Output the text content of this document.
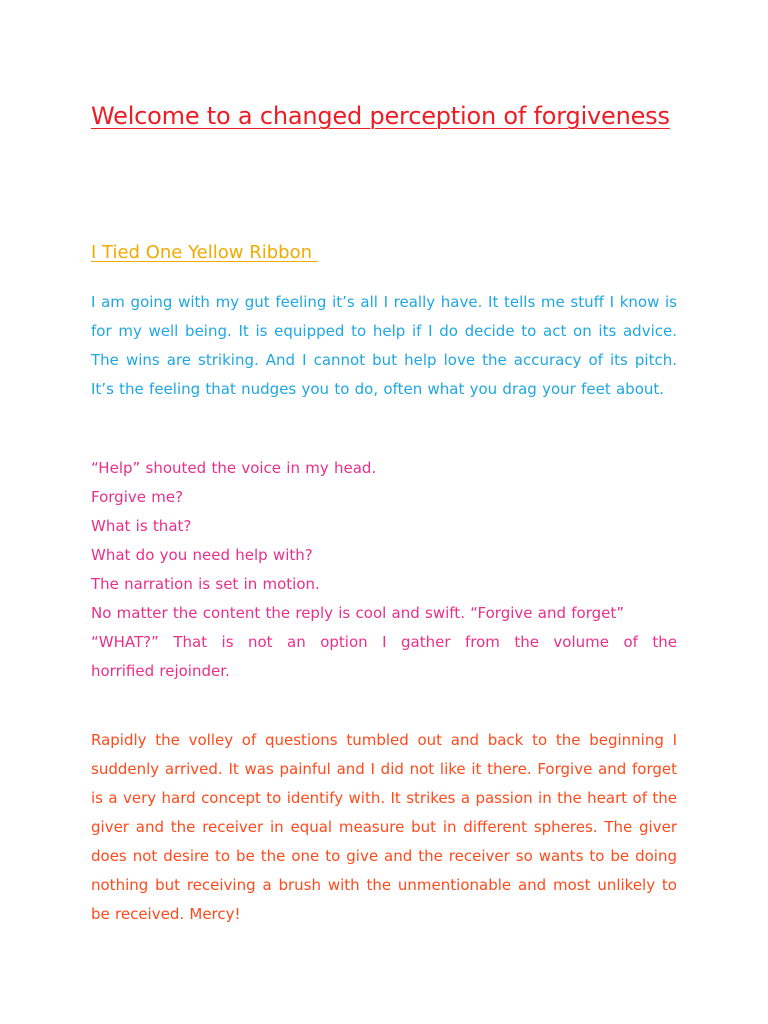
Welcome to a changed perception of forgiveness
I Tied One Yellow Ribbon

I am going with my gut feeling it’s all I really have. It tells me stuff I know is for my well being. It is equipped to help if I do decide to act on its advice. The wins are striking. And I cannot but help love the accuracy of its pitch. It’s the feeling that nudges you to do, often what you drag your feet about.

“Help” shouted the voice in my head.
Forgive me?
What is that?
What do you need help with?
The narration is set in motion.
No matter the content the reply is cool and swift. “Forgive and forget”
“WHAT?” That is not an option I gather from the volume of the
horrified rejoinder.

Rapidly the volley of questions tumbled out and back to the beginning I suddenly arrived. It was painful and I did not like it there. Forgive and forget is a very hard concept to identify with. It strikes a passion in the heart of the giver and the receiver in equal measure but in different spheres. The giver does not desire to be the one to give and the receiver so wants to be doing nothing but receiving a brush with the unmentionable and most unlikely to be received. Mercy!
